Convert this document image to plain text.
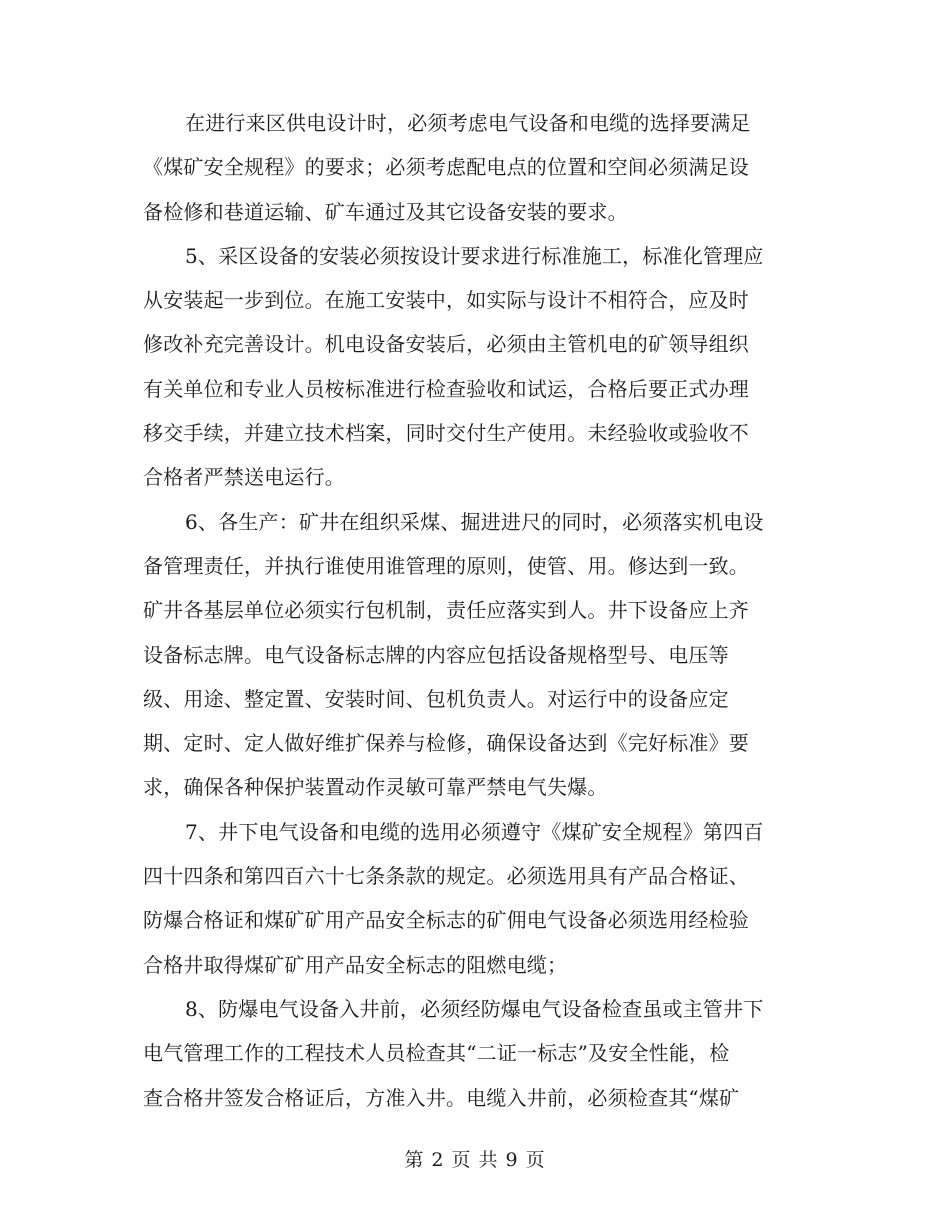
在进行来区供电设计时，必须考虑电气设备和电缆的选择要满足
《煤矿安全规程》的要求；必须考虑配电点的位置和空间必须满足设
备检修和巷道运输、矿车通过及其它设备安装的要求。
5、采区设备的安装必须按设计要求进行标准施工，标准化管理应
从安装起一步到位。在施工安装中，如实际与设计不相符合，应及时
修改补充完善设计。机电设备安装后，必须由主管机电的矿领导组织
有关单位和专业人员桉标准进行检查验收和试运，合格后要正式办理
移交手续，并建立技术档案，同时交付生产使用。未经验收或验收不
合格者严禁送电运行。
6、各生产：矿井在组织采煤、掘进进尺的同时，必须落实机电设
备管理责任，并执行谁使用谁管理的原则，使管、用。修达到一致。
矿井各基层单位必须实行包机制，责任应落实到人。井下设备应上齐
设备标志牌。电气设备标志牌的内容应包括设备规格型号、电压等
级、用途、整定置、安装时间、包机负责人。对运行中的设备应定
期、定时、定人做好维扩保养与检修，确保设备达到《完好标准》要
求，确保各种保护装置动作灵敏可靠严禁电气失爆。
7、井下电气设备和电缆的选用必须遵守《煤矿安全规程》第四百
四十四条和第四百六十七条条款的规定。必须选用具有产品合格证、
防爆合格证和煤矿矿用产品安全标志的矿佣电气设备必须选用经检验
合格井取得煤矿矿用产品安全标志的阻燃电缆；
8、防爆电气设备入井前，必须经防爆电气设备检查虽或主管井下
电气管理工作的工程技术人员检查其“二证一标志”及安全性能，检
查合格井签发合格证后，方准入井。电缆入井前，必须检查其“煤矿
第 2 页 共 9 页
